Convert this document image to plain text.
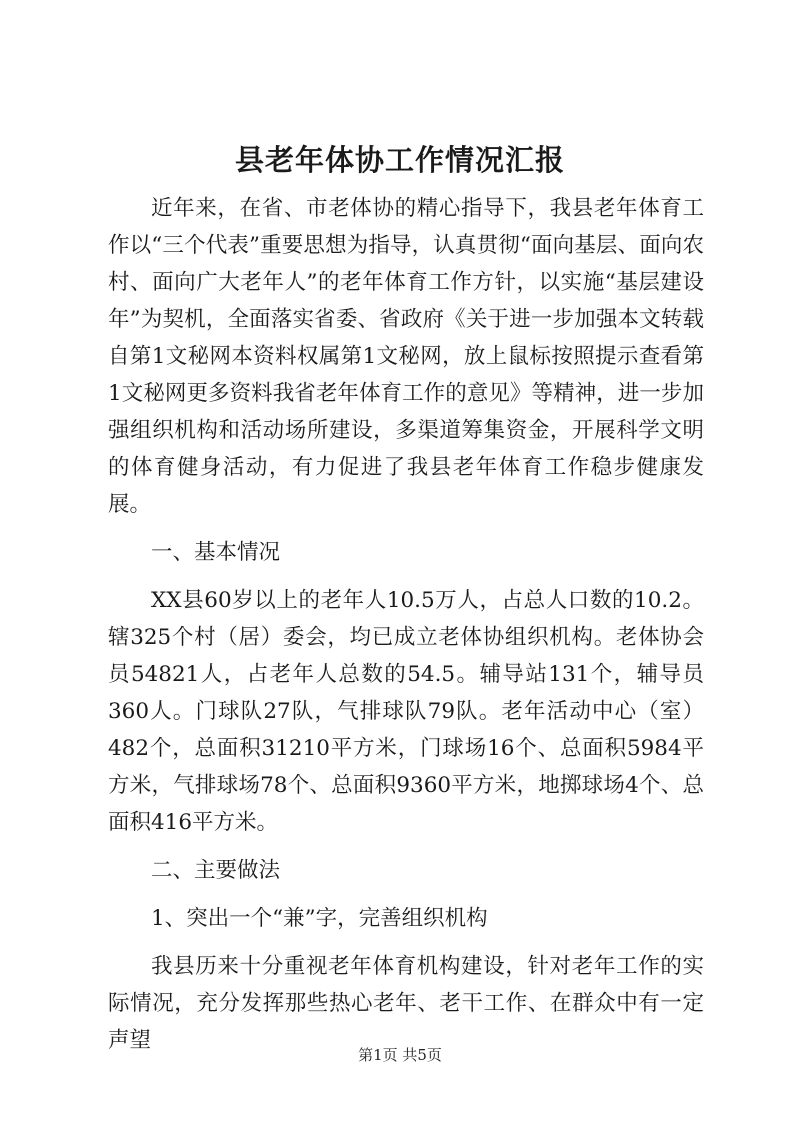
县老年体协工作情况汇报

近年来，在省、市老体协的精心指导下，我县老年体育工作以“三个代表”重要思想为指导，认真贯彻“面向基层、面向农村、面向广大老年人”的老年体育工作方针，以实施“基层建设年”为契机，全面落实省委、省政府《关于进一步加强本文转载自第1文秘网本资料权属第1文秘网，放上鼠标按照提示查看第1文秘网更多资料我省老年体育工作的意见》等精神，进一步加强组织机构和活动场所建设，多渠道筹集资金，开展科学文明的体育健身活动，有力促进了我县老年体育工作稳步健康发展。

一、基本情况

XX县60岁以上的老年人10.5万人，占总人口数的10.2。辖325个村（居）委会，均已成立老体协组织机构。老体协会员54821人，占老年人总数的54.5。辅导站131个，辅导员360人。门球队27队，气排球队79队。老年活动中心（室）482个，总面积31210平方米，门球场16个、总面积5984平方米，气排球场78个、总面积9360平方米，地掷球场4个、总面积416平方米。

二、主要做法

1、突出一个“兼”字，完善组织机构

我县历来十分重视老年体育机构建设，针对老年工作的实际情况，充分发挥那些热心老年、老干工作、在群众中有一定声望

第1页 共5页
